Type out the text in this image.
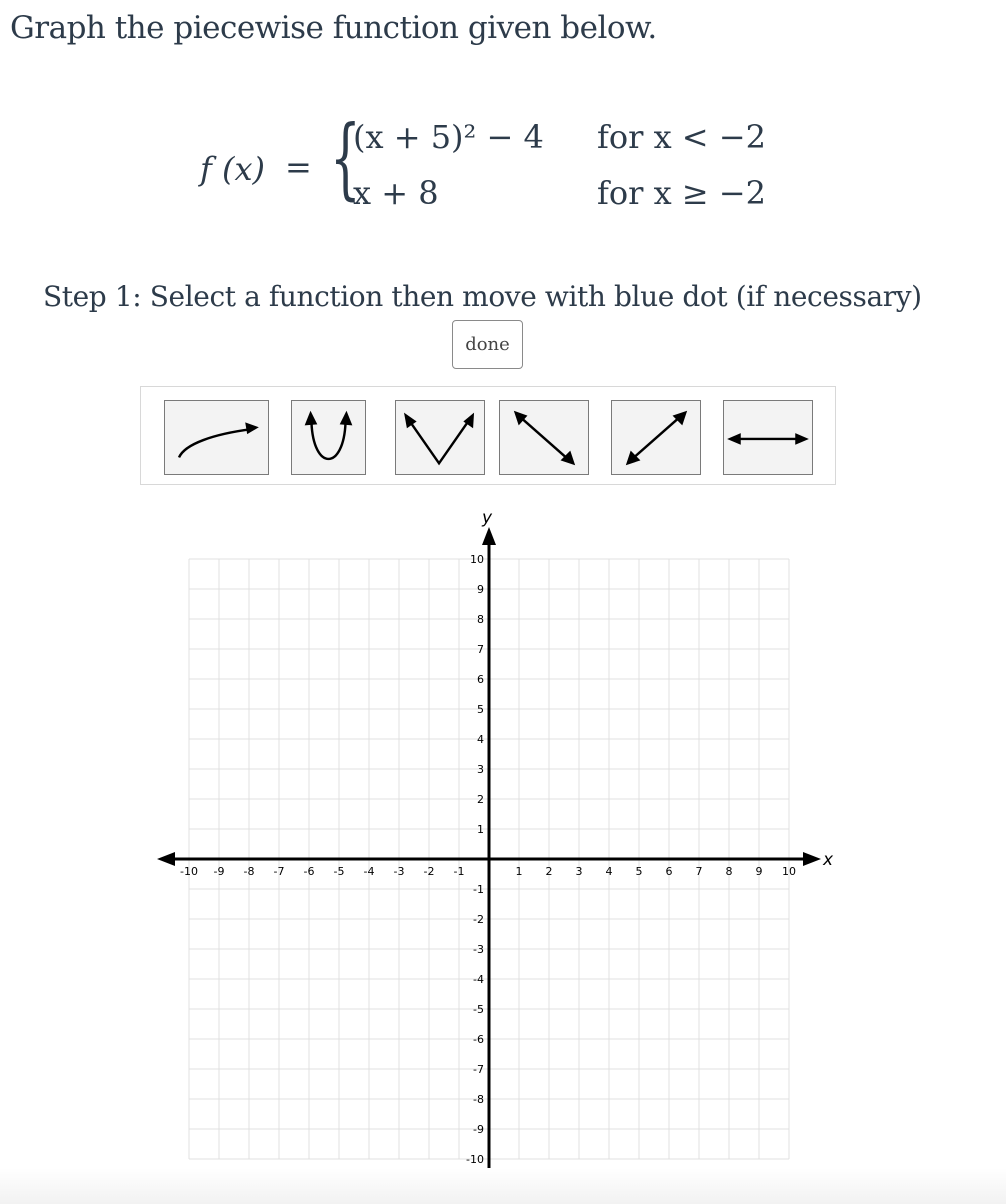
Graph the piecewise function given below.
f (x) = {
(x + 5)² − 4 for x < −2
x + 8	for x ≥ −2
Step 1: Select a function then move with blue dot (if necessary)
done
x
y
-10 -9 -8 -7 -6 -5 -4 -3 -2 -1	1 2 3 4 5 6 7 8 9 10
10
9
8
7
6
5
4
3
2
1
-1
-2
-3
-4
-5
-6
-7
-8
-9
-10
